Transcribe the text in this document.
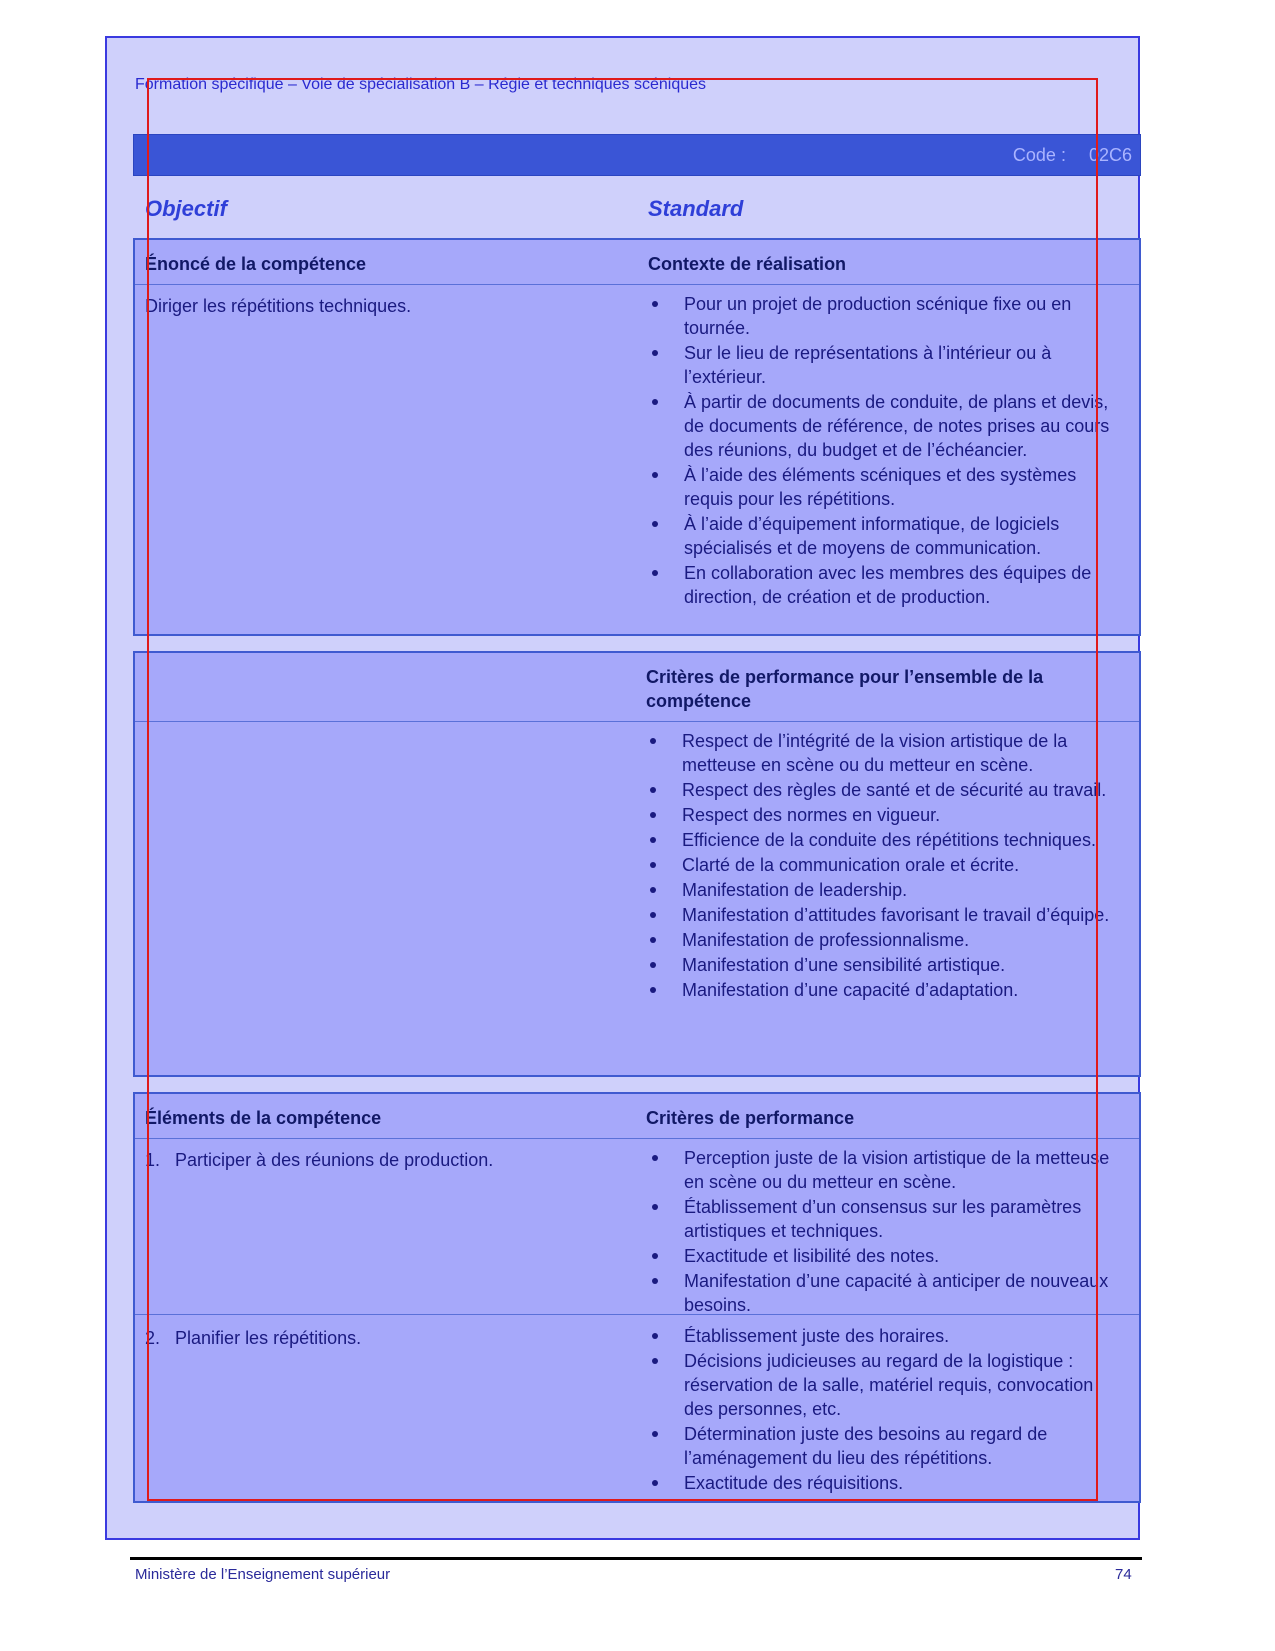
Formation spécifique – Voie de spécialisation B – Régie et techniques scéniques
Code : 02C6
Objectif	Standard
Énoncé de la compétence	Contexte de réalisation
Diriger les répétitions techniques.	Pour un projet de production scénique fixe ou en tournée.
Sur le lieu de représentations à l’intérieur ou à l’extérieur.
À partir de documents de conduite, de plans et devis, de documents de référence, de notes prises au cours des réunions, du budget et de l’échéancier.
À l’aide des éléments scéniques et des systèmes requis pour les répétitions.
À l’aide d’équipement informatique, de logiciels spécialisés et de moyens de communication.
En collaboration avec les membres des équipes de direction, de création et de production.
Critères de performance pour l’ensemble de la compétence
Respect de l’intégrité de la vision artistique de la metteuse en scène ou du metteur en scène.
Respect des règles de santé et de sécurité au travail.
Respect des normes en vigueur.
Efficience de la conduite des répétitions techniques.
Clarté de la communication orale et écrite.
Manifestation de leadership.
Manifestation d’attitudes favorisant le travail d’équipe.
Manifestation de professionnalisme.
Manifestation d’une sensibilité artistique.
Manifestation d’une capacité d’adaptation.
Éléments de la compétence	Critères de performance
1. Participer à des réunions de production.	Perception juste de la vision artistique de la metteuse en scène ou du metteur en scène.
Établissement d’un consensus sur les paramètres artistiques et techniques.
Exactitude et lisibilité des notes.
Manifestation d’une capacité à anticiper de nouveaux besoins.
2. Planifier les répétitions.	Établissement juste des horaires.
Décisions judicieuses au regard de la logistique : réservation de la salle, matériel requis, convocation des personnes, etc.
Détermination juste des besoins au regard de l’aménagement du lieu des répétitions.
Exactitude des réquisitions.
Ministère de l’Enseignement supérieur	74
